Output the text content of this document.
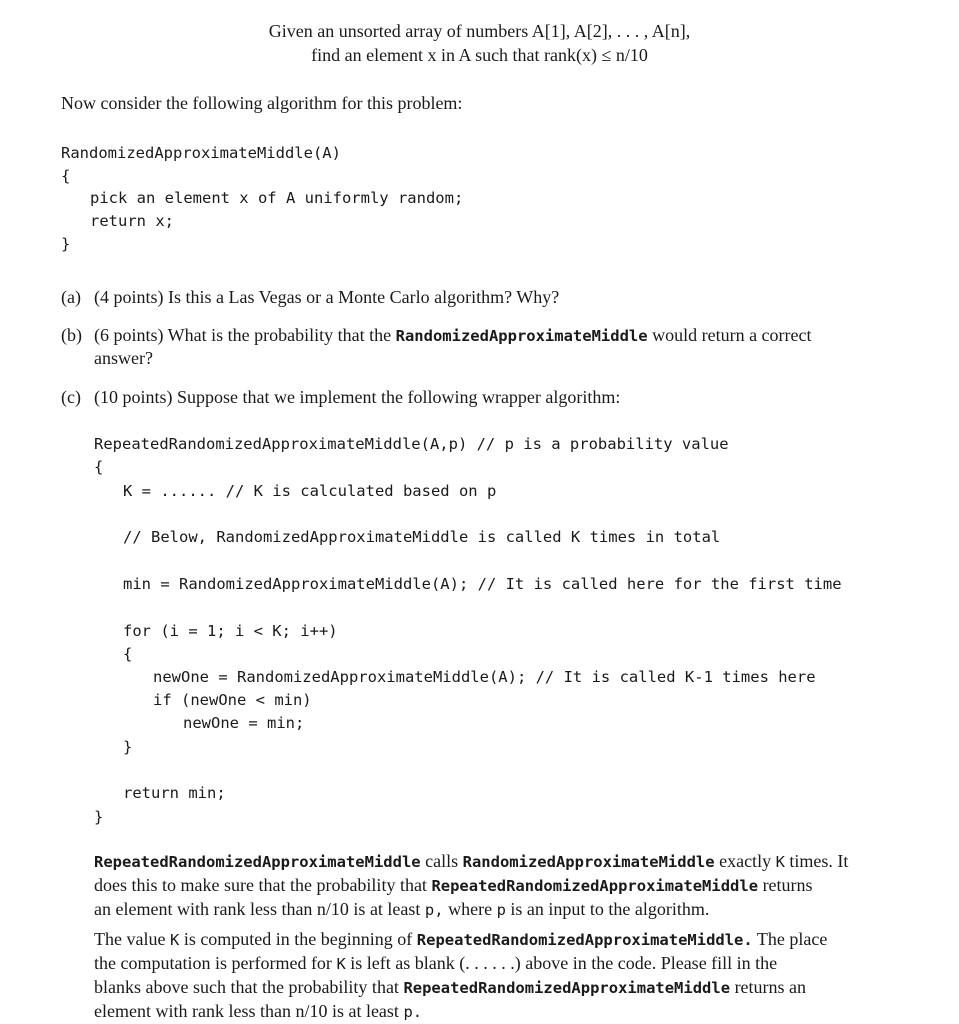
Given an unsorted array of numbers A[1], A[2], . . . , A[n],
find an element x in A such that rank(x) ≤ n/10
Now consider the following algorithm for this problem:
RandomizedApproximateMiddle(A)
{
pick an element x of A uniformly random;
return x;
}
(a) (4 points) Is this a Las Vegas or a Monte Carlo algorithm? Why?
(b) (6 points) What is the probability that the RandomizedApproximateMiddle would return a correct
answer?
(c) (10 points) Suppose that we implement the following wrapper algorithm:
RepeatedRandomizedApproximateMiddle(A,p) // p is a probability value
{
K = ...... // K is calculated based on p
// Below, RandomizedApproximateMiddle is called K times in total
min = RandomizedApproximateMiddle(A); // It is called here for the first time
for (i = 1; i < K; i++)
{
newOne = RandomizedApproximateMiddle(A); // It is called K-1 times here
if (newOne < min)
newOne = min;
}
return min;
}
RepeatedRandomizedApproximateMiddle calls RandomizedApproximateMiddle exactly K times. It
does this to make sure that the probability that RepeatedRandomizedApproximateMiddle returns
an element with rank less than n/10 is at least p, where p is an input to the algorithm.
The value K is computed in the beginning of RepeatedRandomizedApproximateMiddle. The place
the computation is performed for K is left as blank (. . . . . .) above in the code. Please fill in the
blanks above such that the probability that RepeatedRandomizedApproximateMiddle returns an
element with rank less than n/10 is at least p.
